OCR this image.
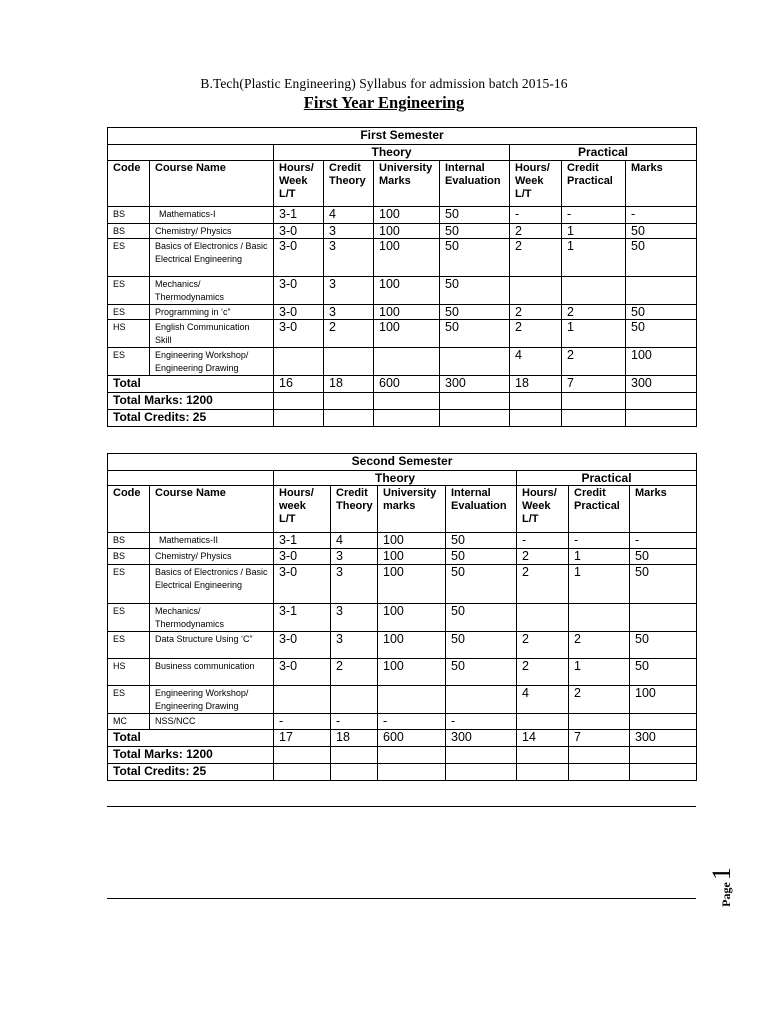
B.Tech(Plastic Engineering) Syllabus for admission batch 2015-16
First Year Engineering
First Semester								
		Theory				Practical		
Code	Course Name	Hours/ Week L/T	Credit Theory	University Marks	Internal Evaluation	Hours/ Week L/T	Credit Practical	Marks
BS	Mathematics-I	3-1	4	100	50	-	-	-
BS	Chemistry/ Physics	3-0	3	100	50	2	1	50
ES	Basics of Electronics / Basic Electrical Engineering	3-0	3	100	50	2	1	50
ES	Mechanics/ Thermodynamics	3-0	3	100	50			
ES	Programming in ‘c”	3-0	3	100	50	2	2	50
HS	English Communication Skill	3-0	2	100	50	2	1	50
ES	Engineering Workshop/ Engineering Drawing					4	2	100
Total		16	18	600	300	18	7	300
Total Marks: 1200								
Total Credits: 25								
Second Semester								
		Theory				Practical		
Code	Course Name	Hours/ week L/T	Credit Theory	University marks	Internal Evaluation	Hours/ Week L/T	Credit Practical	Marks
BS	Mathematics-II	3-1	4	100	50	-	-	-
BS	Chemistry/ Physics	3-0	3	100	50	2	1	50
ES	Basics of Electronics / Basic Electrical Engineering	3-0	3	100	50	2	1	50
ES	Mechanics/ Thermodynamics	3-1	3	100	50			
ES	Data Structure Using ‘C”	3-0	3	100	50	2	2	50
HS	Business communication	3-0	2	100	50	2	1	50
ES	Engineering Workshop/ Engineering Drawing					4	2	100
MC	NSS/NCC	-	-	-	-			
Total		17	18	600	300	14	7	300
Total Marks: 1200								
Total Credits: 25								
Page
1
